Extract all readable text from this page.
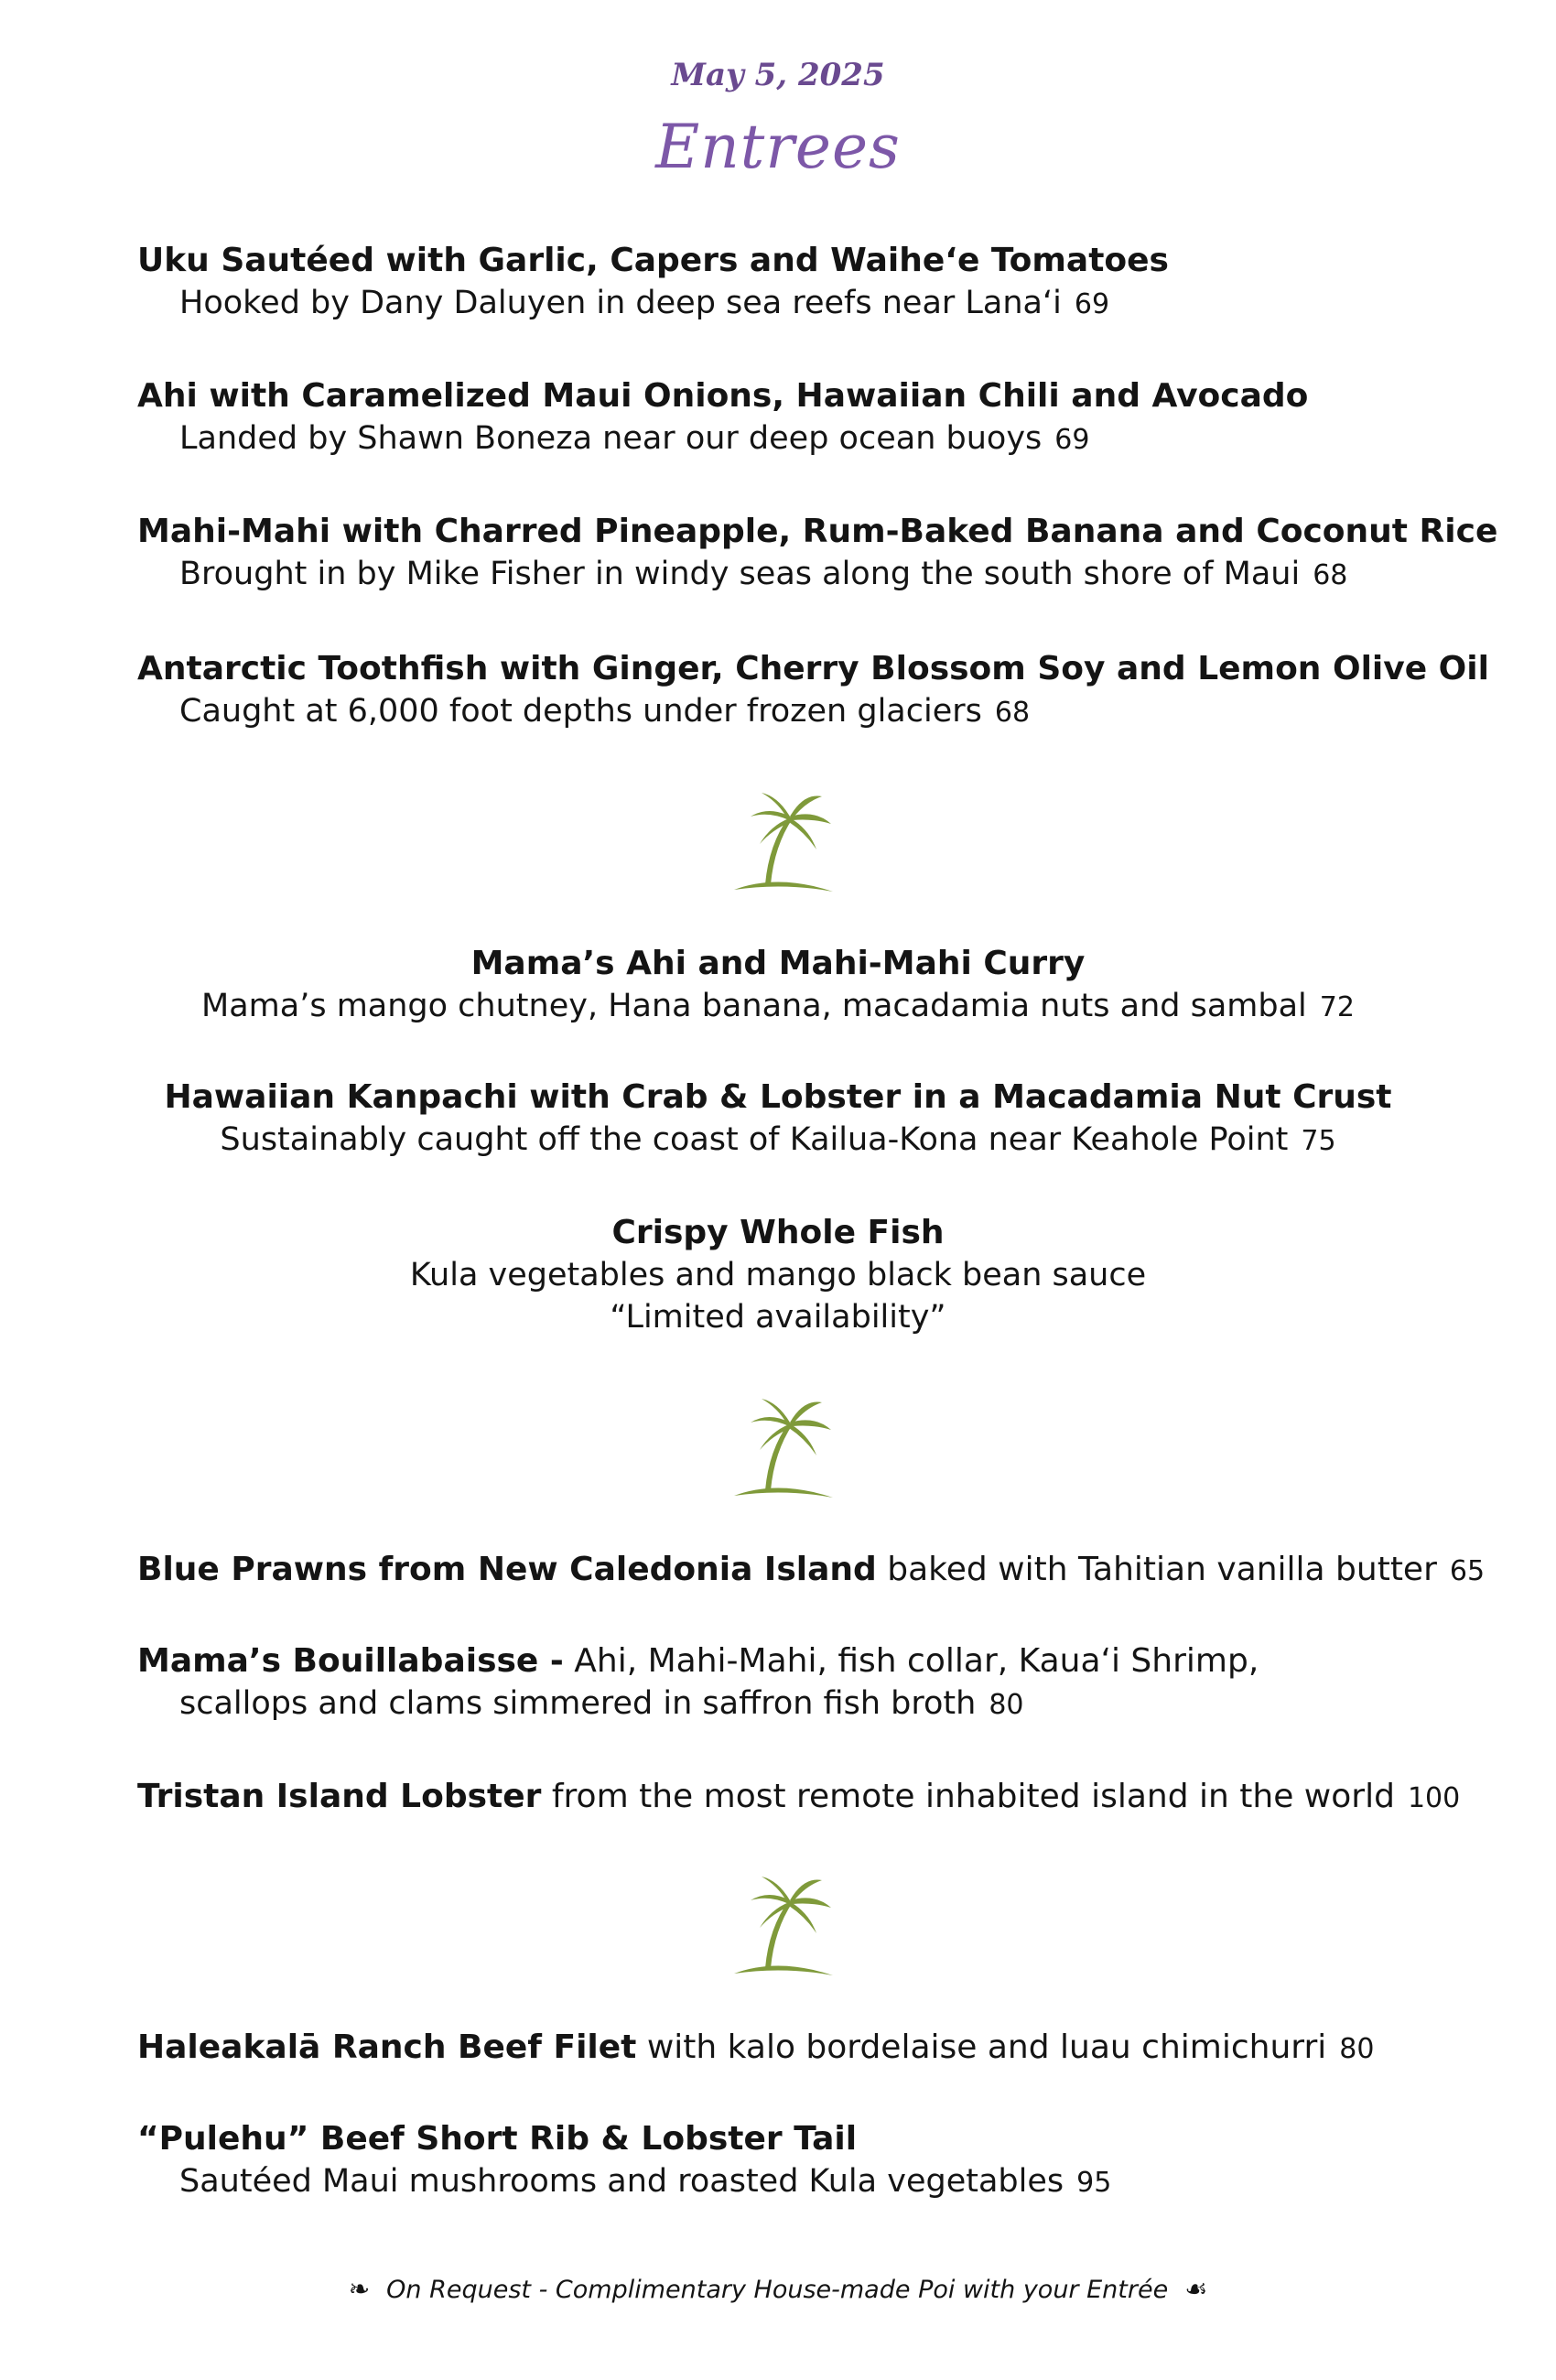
May 5, 2025
Entrees
Uku Sautéed with Garlic, Capers and Waihe‘e Tomatoes
Hooked by Dany Daluyen in deep sea reefs near Lana‘i 69
Ahi with Caramelized Maui Onions, Hawaiian Chili and Avocado
Landed by Shawn Boneza near our deep ocean buoys 69
Mahi-Mahi with Charred Pineapple, Rum-Baked Banana and Coconut Rice
Brought in by Mike Fisher in windy seas along the south shore of Maui 68
Antarctic Toothfish with Ginger, Cherry Blossom Soy and Lemon Olive Oil
Caught at 6,000 foot depths under frozen glaciers 68
Mama’s Ahi and Mahi-Mahi Curry
Mama’s mango chutney, Hana banana, macadamia nuts and sambal 72
Hawaiian Kanpachi with Crab & Lobster in a Macadamia Nut Crust
Sustainably caught off the coast of Kailua-Kona near Keahole Point 75
Crispy Whole Fish
Kula vegetables and mango black bean sauce
“Limited availability”
Blue Prawns from New Caledonia Island baked with Tahitian vanilla butter 65
Mama’s Bouillabaisse - Ahi, Mahi-Mahi, fish collar, Kaua‘i Shrimp,
scallops and clams simmered in saffron fish broth 80
Tristan Island Lobster from the most remote inhabited island in the world 100
Haleakalā Ranch Beef Filet with kalo bordelaise and luau chimichurri 80
“Pulehu” Beef Short Rib & Lobster Tail
Sautéed Maui mushrooms and roasted Kula vegetables 95
❧ On Request - Complimentary House-made Poi with your Entrée ☙
